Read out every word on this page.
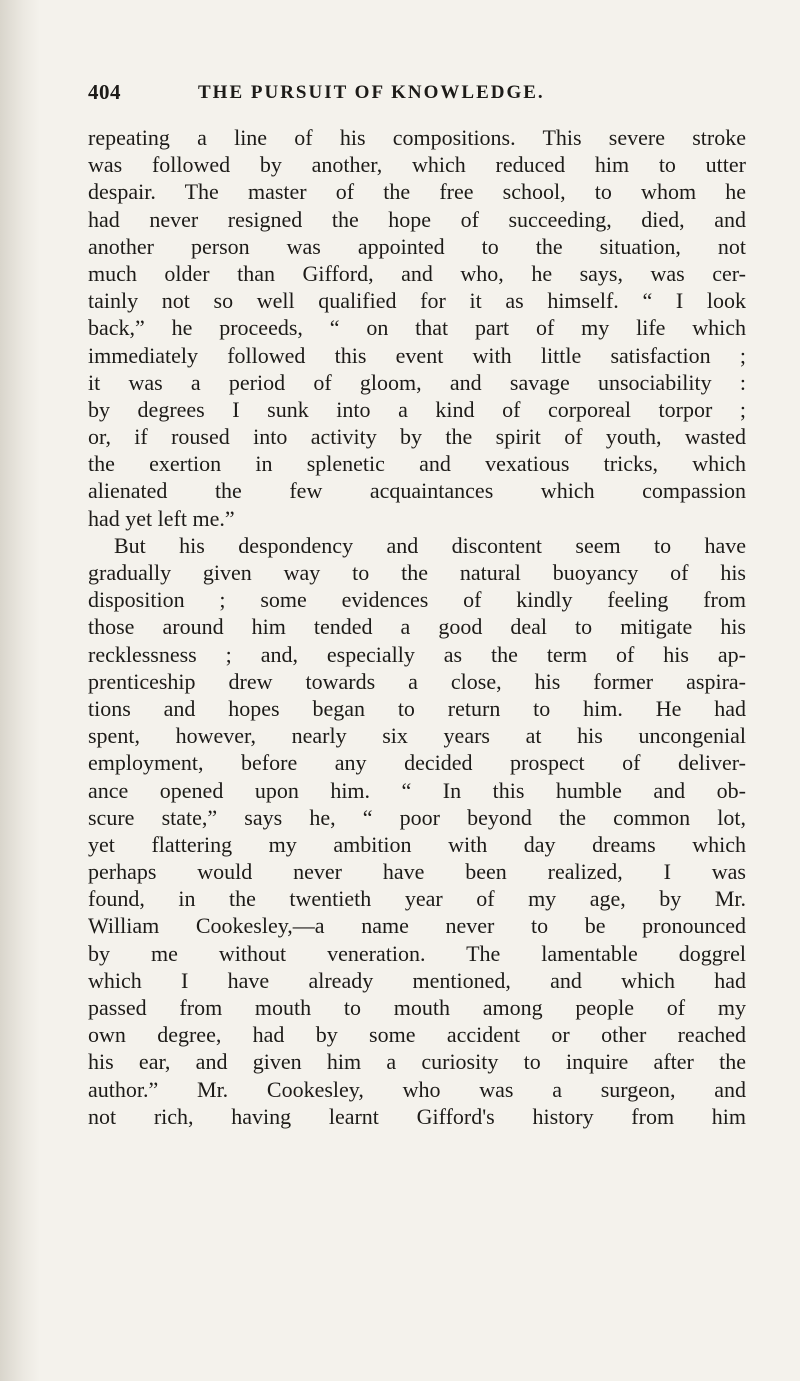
404	THE PURSUIT OF KNOWLEDGE.
repeating a line of his compositions. This severe stroke
was followed by another, which reduced him to utter
despair. The master of the free school, to whom he
had never resigned the hope of succeeding, died, and
another person was appointed to the situation, not
much older than Gifford, and who, he says, was cer-
tainly not so well qualified for it as himself. “ I look
back,” he proceeds, “ on that part of my life which
immediately followed this event with little satisfaction ;
it was a period of gloom, and savage unsociability :
by degrees I sunk into a kind of corporeal torpor ;
or, if roused into activity by the spirit of youth, wasted
the exertion in splenetic and vexatious tricks, which
alienated the few acquaintances which compassion
had yet left me.”
But his despondency and discontent seem to have
gradually given way to the natural buoyancy of his
disposition ; some evidences of kindly feeling from
those around him tended a good deal to mitigate his
recklessness ; and, especially as the term of his ap-
prenticeship drew towards a close, his former aspira-
tions and hopes began to return to him. He had
spent, however, nearly six years at his uncongenial
employment, before any decided prospect of deliver-
ance opened upon him. “ In this humble and ob-
scure state,” says he, “ poor beyond the common lot,
yet flattering my ambition with day dreams which
perhaps would never have been realized, I was
found, in the twentieth year of my age, by Mr.
William Cookesley,—a name never to be pronounced
by me without veneration. The lamentable doggrel
which I have already mentioned, and which had
passed from mouth to mouth among people of my
own degree, had by some accident or other reached
his ear, and given him a curiosity to inquire after the
author.” Mr. Cookesley, who was a surgeon, and
not rich, having learnt Gifford's history from him
